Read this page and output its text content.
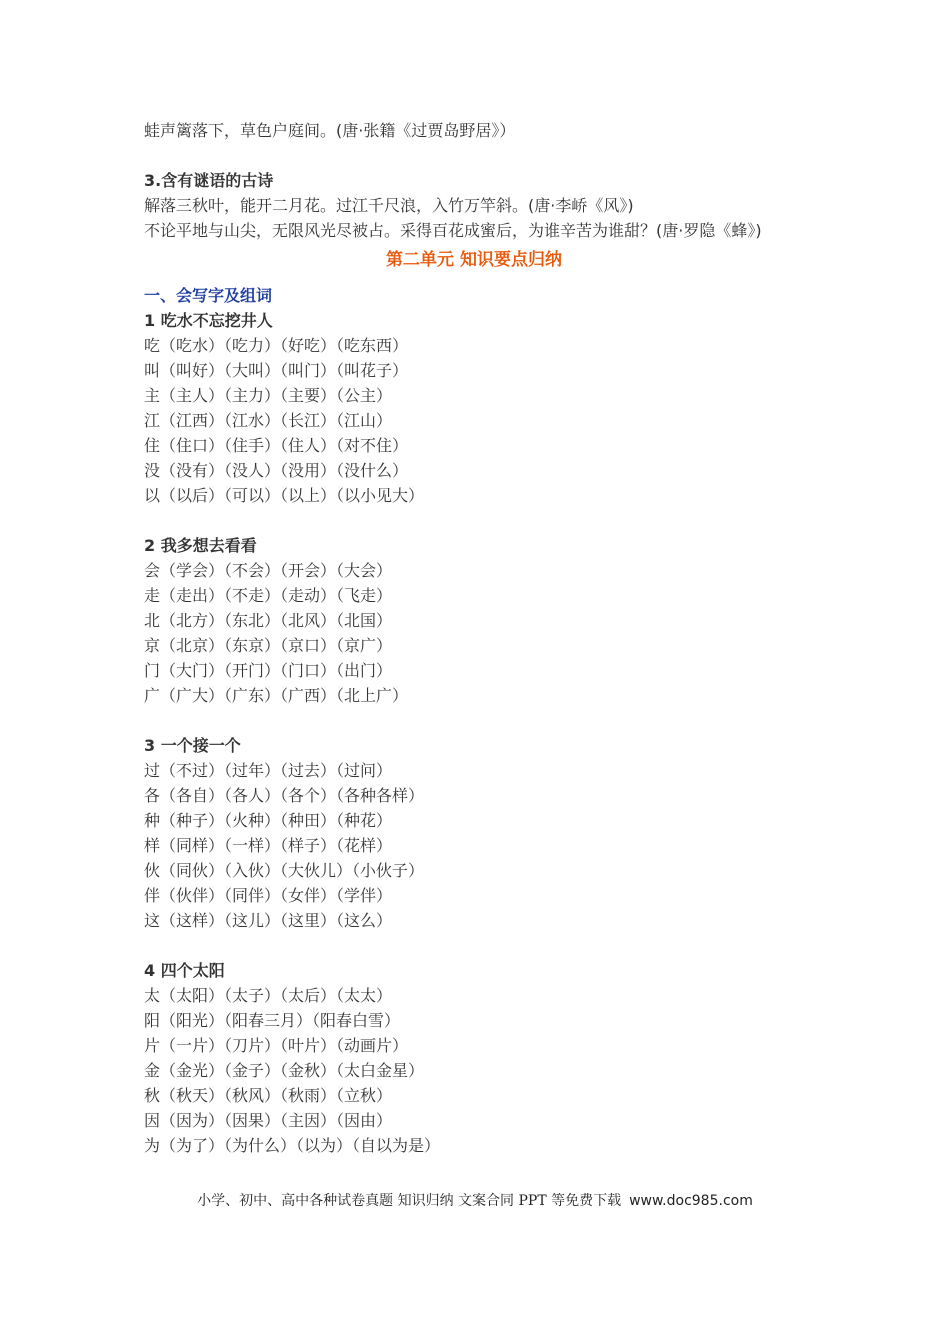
蛙声篱落下，草色户庭间。(唐·张籍《过贾岛野居》）
3.含有谜语的古诗
解落三秋叶，能开二月花。过江千尺浪，入竹万竿斜。(唐·李峤《风》)
不论平地与山尖，无限风光尽被占。采得百花成蜜后，为谁辛苦为谁甜？(唐·罗隐《蜂》)
第二单元 知识要点归纳
一、会写字及组词
1 吃水不忘挖井人
吃（吃水）（吃力）（好吃）（吃东西）
叫（叫好）（大叫）（叫门）（叫花子）
主（主人）（主力）（主要）（公主）
江（江西）（江水）（长江）（江山）
住（住口）（住手）（住人）（对不住）
没（没有）（没人）（没用）（没什么）
以（以后）（可以）（以上）（以小见大）
2 我多想去看看
会（学会）（不会）（开会）（大会）
走（走出）（不走）（走动）（飞走）
北（北方）（东北）（北风）（北国）
京（北京）（东京）（京口）（京广）
门（大门）（开门）（门口）（出门）
广（广大）（广东）（广西）（北上广）
3 一个接一个
过（不过）（过年）（过去）（过问）
各（各自）（各人）（各个）（各种各样）
种（种子）（火种）（种田）（种花）
样（同样）（一样）（样子）（花样）
伙（同伙）（入伙）（大伙儿）（小伙子）
伴（伙伴）（同伴）（女伴）（学伴）
这（这样）（这儿）（这里）（这么）
4 四个太阳
太（太阳）（太子）（太后）（太太）
阳（阳光）（阳春三月）（阳春白雪）
片（一片）（刀片）（叶片）（动画片）
金（金光）（金子）（金秋）（太白金星）
秋（秋天）（秋风）（秋雨）（立秋）
因（因为）（因果）（主因）（因由）
为（为了）（为什么）（以为）（自以为是）
小学、初中、高中各种试卷真题 知识归纳 文案合同 PPT 等免费下载 www.doc985.com
